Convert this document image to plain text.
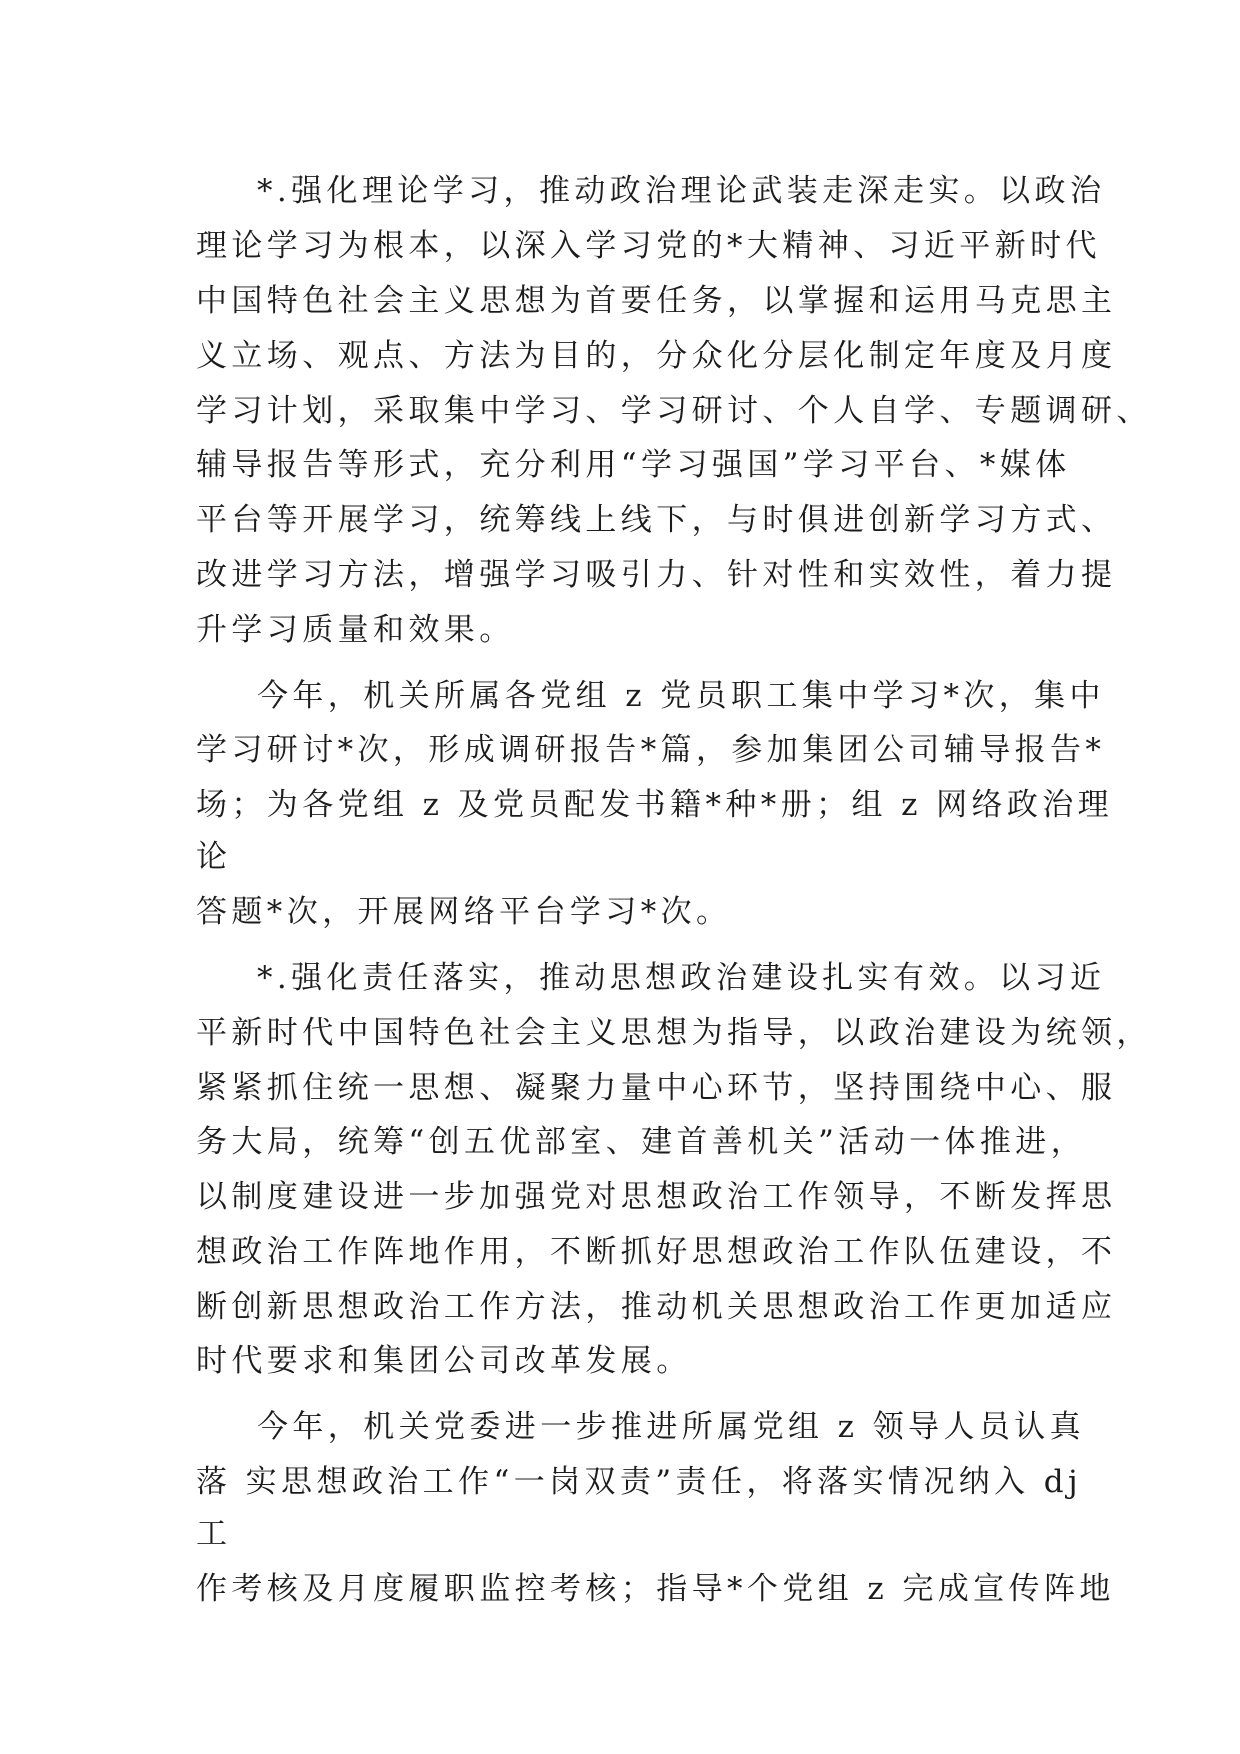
*.强化理论学习，推动政治理论武装走深走实。以政治
理论学习为根本，以深入学习党的*大精神、习近平新时代
中国特色社会主义思想为首要任务，以掌握和运用马克思主
义立场、观点、方法为目的，分众化分层化制定年度及月度
学习计划，采取集中学习、学习研讨、个人自学、专题调研、
辅导报告等形式，充分利用“学习强国”学习平台、*媒体
平台等开展学习，统筹线上线下，与时俱进创新学习方式、
改进学习方法，增强学习吸引力、针对性和实效性，着力提
升学习质量和效果。
今年，机关所属各党组 z 党员职工集中学习*次，集中
学习研讨*次，形成调研报告*篇，参加集团公司辅导报告*
场；为各党组 z 及党员配发书籍*种*册；组 z 网络政治理
论
答题*次，开展网络平台学习*次。
*.强化责任落实，推动思想政治建设扎实有效。以习近
平新时代中国特色社会主义思想为指导，以政治建设为统领，
紧紧抓住统一思想、凝聚力量中心环节，坚持围绕中心、服
务大局，统筹“创五优部室、建首善机关”活动一体推进，
以制度建设进一步加强党对思想政治工作领导，不断发挥思
想政治工作阵地作用，不断抓好思想政治工作队伍建设，不
断创新思想政治工作方法，推动机关思想政治工作更加适应
时代要求和集团公司改革发展。
今年，机关党委进一步推进所属党组 z 领导人员认真
落 实思想政治工作“一岗双责”责任，将落实情况纳入 dj
工
作考核及月度履职监控考核；指导*个党组 z 完成宣传阵地
